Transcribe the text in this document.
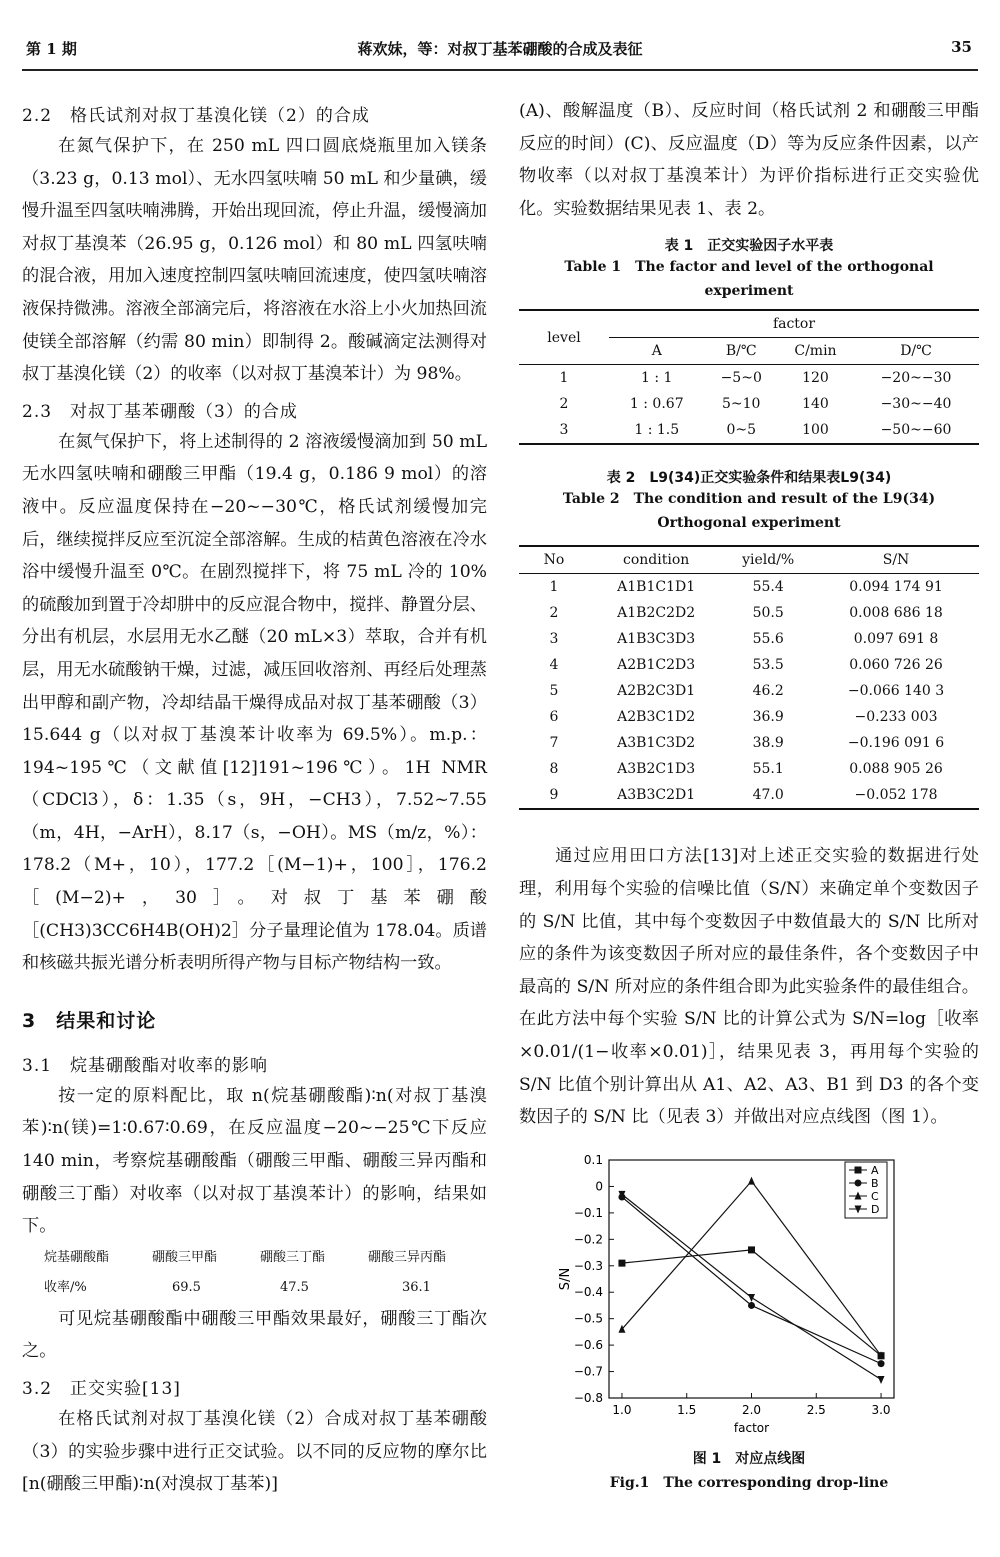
第 1 期	蒋欢妹，等：对叔丁基苯硼酸的合成及表征	35
2.2　格氏试剂对叔丁基溴化镁（2）的合成

在氮气保护下，在 250 mL 四口圆底烧瓶里加入镁条（3.23 g，0.13 mol）、无水四氢呋喃 50 mL 和少量碘，缓慢升温至四氢呋喃沸腾，开始出现回流，停止升温，缓慢滴加对叔丁基溴苯（26.95 g，0.126 mol）和 80 mL 四氢呋喃的混合液，用加入速度控制四氢呋喃回流速度，使四氢呋喃溶液保持微沸。溶液全部滴完后，将溶液在水浴上小火加热回流使镁全部溶解（约需 80 min）即制得 2。酸碱滴定法测得对叔丁基溴化镁（2）的收率（以对叔丁基溴苯计）为 98%。

2.3　对叔丁基苯硼酸（3）的合成

在氮气保护下，将上述制得的 2 溶液缓慢滴加到 50 mL 无水四氢呋喃和硼酸三甲酯（19.4 g，0.186 9 mol）的溶液中。反应温度保持在−20~−30℃，格氏试剂缓慢加完后，继续搅拌反应至沉淀全部溶解。生成的桔黄色溶液在冷水浴中缓慢升温至 0℃。在剧烈搅拌下，将 75 mL 冷的 10%的硫酸加到置于冷却肼中的反应混合物中，搅拌、静置分层、分出有机层，水层用无水乙醚（20 mL×3）萃取，合并有机层，用无水硫酸钠干燥，过滤，减压回收溶剂、再经后处理蒸出甲醇和副产物，冷却结晶干燥得成品对叔丁基苯硼酸（3）15.644 g（以对叔丁基溴苯计收率为 69.5%）。m.p.：194~195℃（文献值[12]191~196℃）。1H NMR（CDCl3），δ：1.35（s，9H，−CH3），7.52~7.55（m，4H，−ArH），8.17（s，−OH）。MS（m/z，%）：178.2（M+，10），177.2［(M−1)+，100］，176.2［(M−2)+，30］。对叔丁基苯硼酸［(CH3)3CC6H4B(OH)2］分子量理论值为 178.04。质谱和核磁共振光谱分析表明所得产物与目标产物结构一致。

3　结果和讨论
3.1　烷基硼酸酯对收率的影响

按一定的原料配比，取 n(烷基硼酸酯)∶n(对叔丁基溴苯)∶n(镁)=1∶0.67∶0.69，在反应温度−20~−25℃下反应 140 min，考察烷基硼酸酯（硼酸三甲酯、硼酸三异丙酯和硼酸三丁酯）对收率（以对叔丁基溴苯计）的影响，结果如下。

烷基硼酸酯	硼酸三甲酯	硼酸三丁酯	硼酸三异丙酯
收率/%	69.5	47.5	36.1

可见烷基硼酸酯中硼酸三甲酯效果最好，硼酸三丁酯次之。

3.2　正交实验[13]

在格氏试剂对叔丁基溴化镁（2）合成对叔丁基苯硼酸（3）的实验步骤中进行正交试验。以不同的反应物的摩尔比[n(硼酸三甲酯)∶n(对溴叔丁基苯)]

(A)、酸解温度（B）、反应时间（格氏试剂 2 和硼酸三甲酯反应的时间）(C)、反应温度（D）等为反应条件因素，以产物收率（以对叔丁基溴苯计）为评价指标进行正交实验优化。实验数据结果见表 1、表 2。

表 1　正交实验因子水平表
Table 1　The factor and level of the orthogonal experiment
level	factor			
	A	B/℃	C/min	D/℃
1	1 : 1	−5~0	120	−20~−30
2	1 : 0.67	5~10	140	−30~−40
3	1 : 1.5	0~5	100	−50~−60
表 2　L9(34)正交实验条件和结果表L9(34)
Table 2　The condition and result of the L9(34)
Orthogonal experiment
No	condition	yield/%	S/N
1	A1B1C1D1	55.4	0.094 174 91
2	A1B2C2D2	50.5	0.008 686 18
3	A1B3C3D3	55.6	0.097 691 8
4	A2B1C2D3	53.5	0.060 726 26
5	A2B2C3D1	46.2	−0.066 140 3
6	A2B3C1D2	36.9	−0.233 003
7	A3B1C3D2	38.9	−0.196 091 6
8	A3B2C1D3	55.1	0.088 905 26
9	A3B3C2D1	47.0	−0.052 178

通过应用田口方法[13]对上述正交实验的数据进行处理，利用每个实验的信噪比值（S/N）来确定单个变数因子的 S/N 比值，其中每个变数因子中数值最大的 S/N 比所对应的条件为该变数因子所对应的最佳条件，各个变数因子中最高的 S/N 所对应的条件组合即为此实验条件的最佳组合。在此方法中每个实验 S/N 比的计算公式为 S/N=log［收率×0.01/(1−收率×0.01)］，结果见表 3，再用每个实验的 S/N 比值个别计算出从 A1、A2、A3、B1 到 D3 的各个变数因子的 S/N 比（见表 3）并做出对应点线图（图 1）。

1.0	1.5	2.0	2.5	3.0
0.1
0
−0.1
−0.2
−0.3
−0.4
−0.5
−0.6
−0.7
−0.8
factor
S/N
A
B
C
D
图 1　对应点线图
Fig.1　The corresponding drop-line
